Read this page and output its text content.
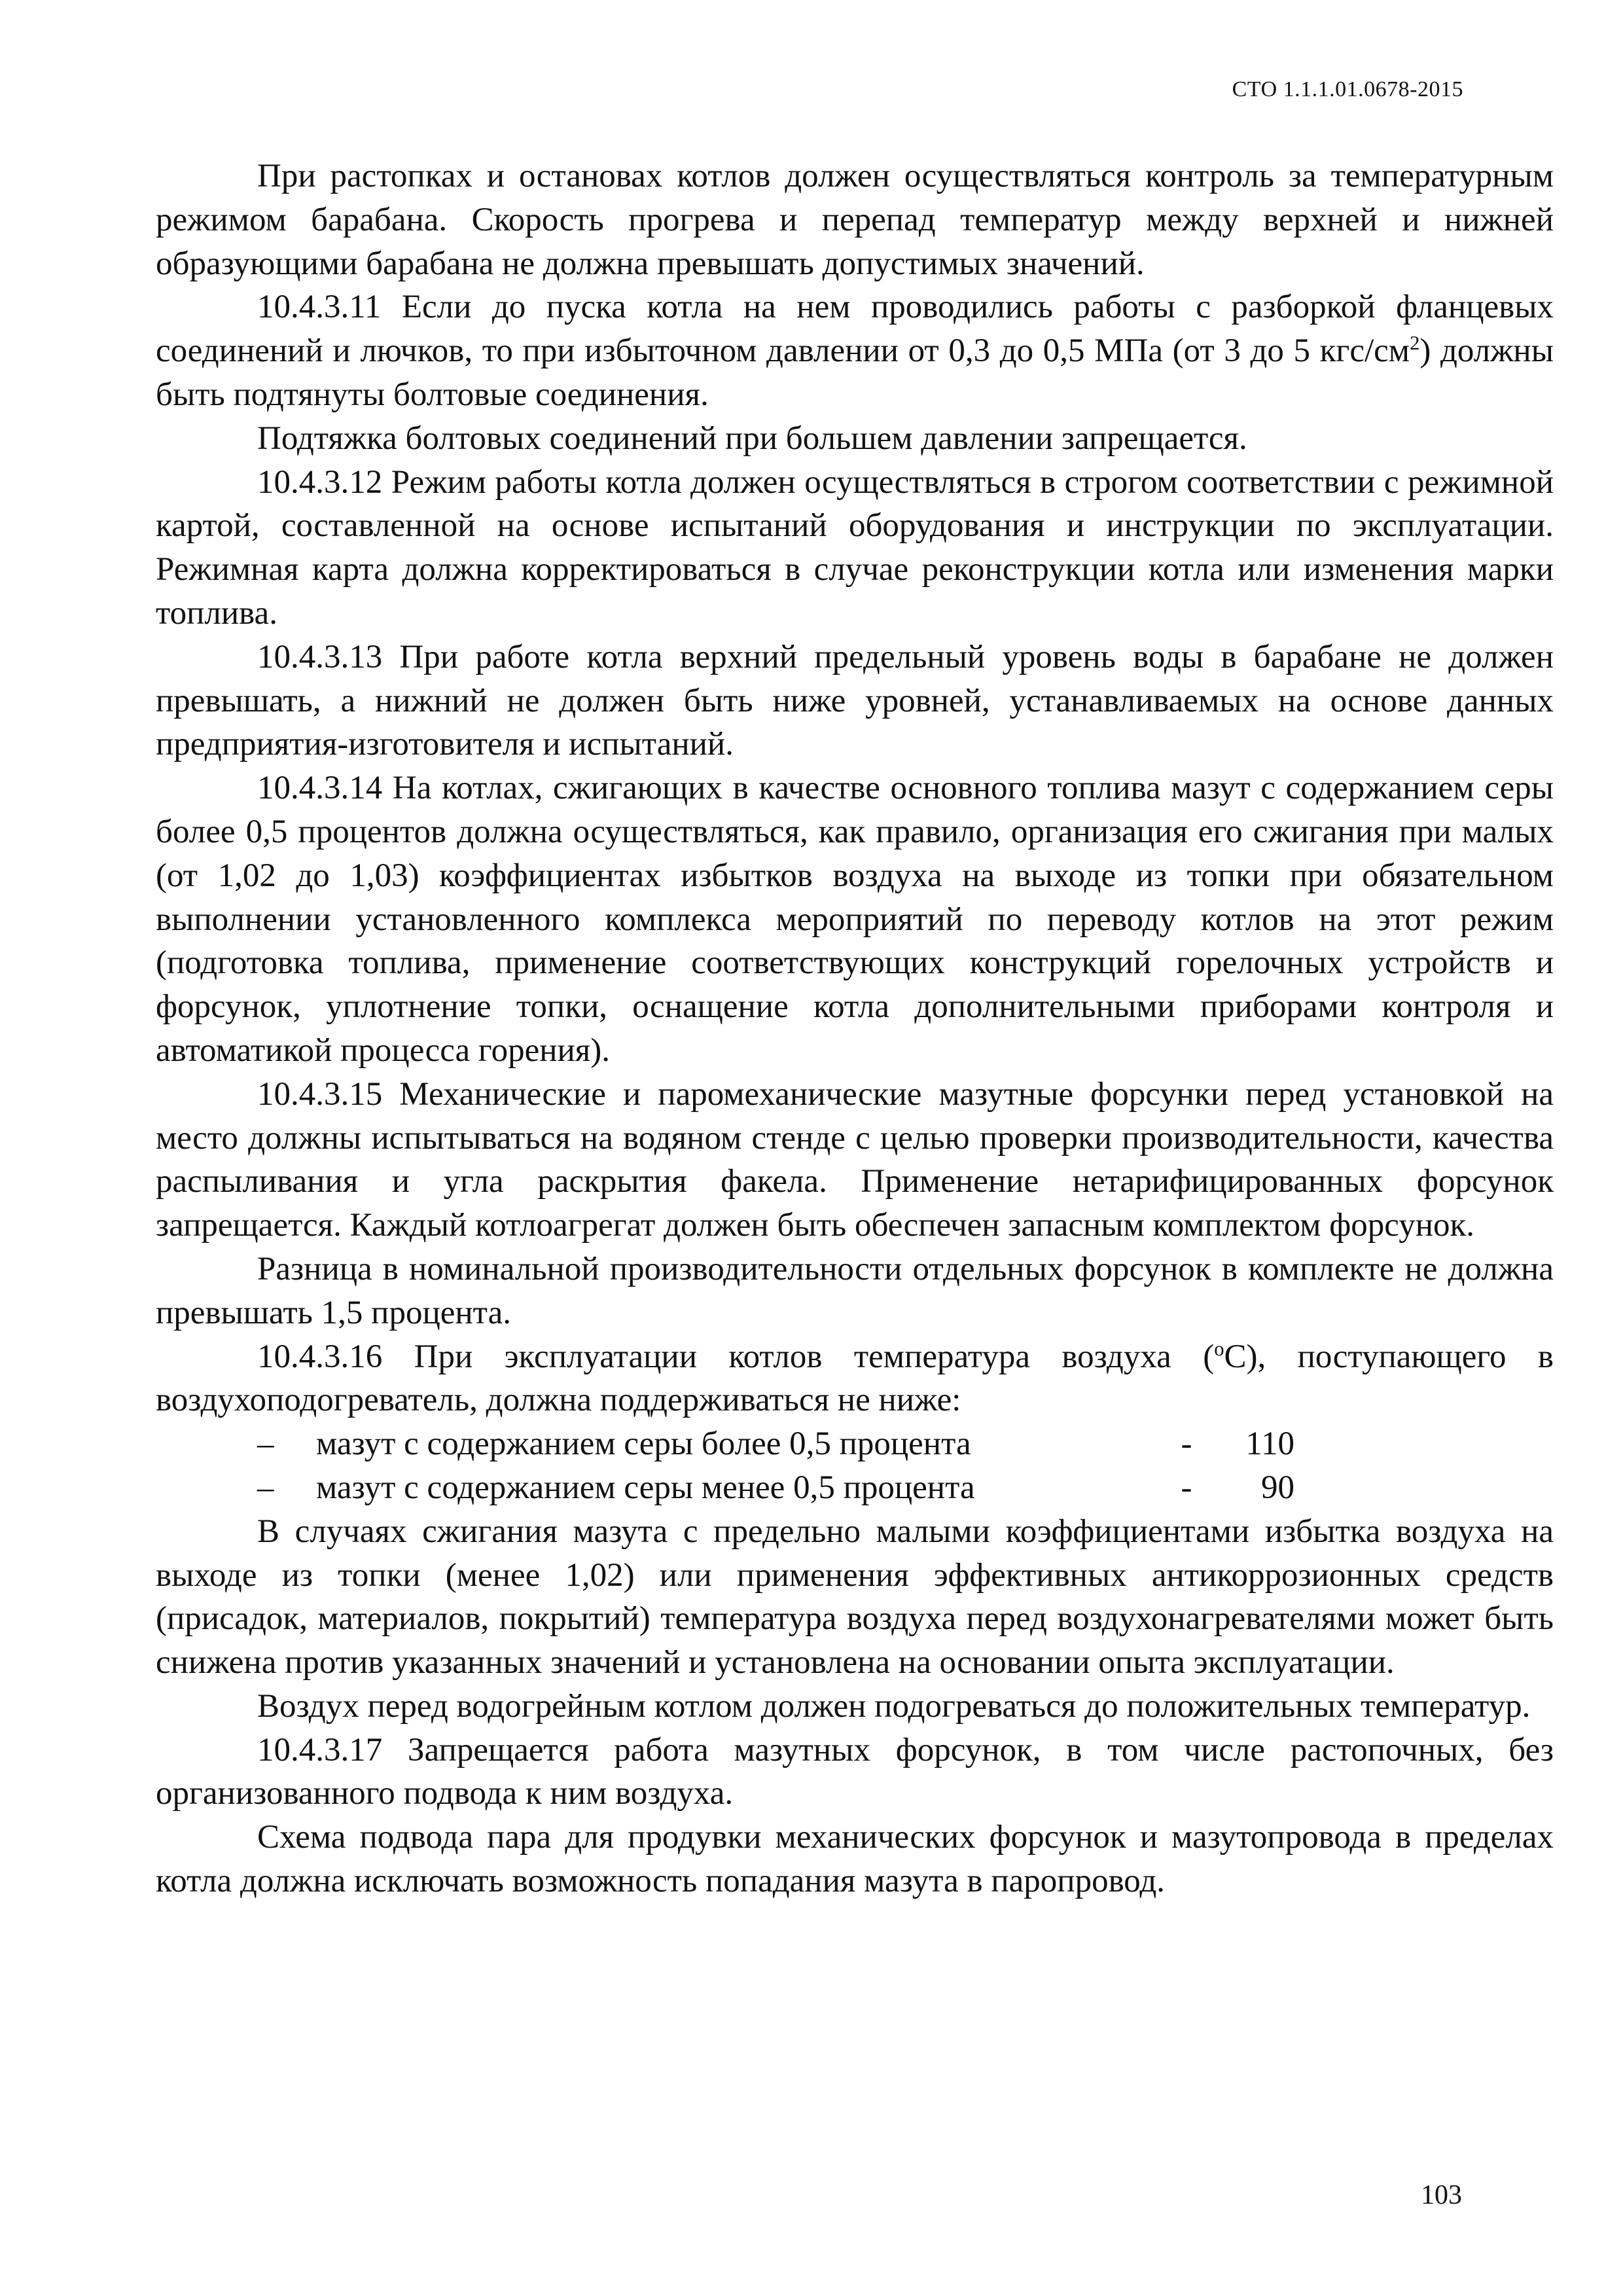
СТО 1.1.1.01.0678-2015

При растопках и остановах котлов должен осуществляться контроль за температурным режимом барабана. Скорость прогрева и перепад температур между верхней и нижней образующими барабана не должна превышать допустимых значений.

10.4.3.11 Если до пуска котла на нем проводились работы с разборкой фланцевых соединений и лючков, то при избыточном давлении от 0,3 до 0,5 МПа (от 3 до 5 кгс/$см^2$) должны быть подтянуты болтовые соединения.

Подтяжка болтовых соединений при большем давлении запрещается.

10.4.3.12 Режим работы котла должен осуществляться в строгом соответствии с режимной картой, составленной на основе испытаний оборудования и инструкции по эксплуатации. Режимная карта должна корректироваться в случае реконструкции котла или изменения марки топлива.

10.4.3.13 При работе котла верхний предельный уровень воды в барабане не должен превышать, а нижний не должен быть ниже уровней, устанавливаемых на основе данных предприятия-изготовителя и испытаний.

10.4.3.14 На котлах, сжигающих в качестве основного топлива мазут с содержанием серы более 0,5 процентов должна осуществляться, как правило, организация его сжигания при малых (от 1,02 до 1,03) коэффициентах избытков воздуха на выходе из топки при обязательном выполнении установленного комплекса мероприятий по переводу котлов на этот режим (подготовка топлива, применение соответствующих конструкций горелочных устройств и форсунок, уплотнение топки, оснащение котла дополнительными приборами контроля и автоматикой процесса горения).

10.4.3.15 Механические и паромеханические мазутные форсунки перед установкой на место должны испытываться на водяном стенде с целью проверки производительности, качества распыливания и угла раскрытия факела. Применение нетарифицированных форсунок запрещается. Каждый котлоагрегат должен быть обеспечен запасным комплектом форсунок.

Разница в номинальной производительности отдельных форсунок в комплекте не должна превышать 1,5 процента.

10.4.3.16 При эксплуатации котлов температура воздуха ($^о$С), поступающего в воздухоподогреватель, должна поддерживаться не ниже:

– мазут с содержанием серы более 0,5 процента	- 110
– мазут с содержанием серы менее 0,5 процента	- 90

В случаях сжигания мазута с предельно малыми коэффициентами избытка воздуха на выходе из топки (менее 1,02) или применения эффективных антикоррозионных средств (присадок, материалов, покрытий) температура воздуха перед воздухонагревателями может быть снижена против указанных значений и установлена на основании опыта эксплуатации.

Воздух перед водогрейным котлом должен подогреваться до положительных температур.

10.4.3.17 Запрещается работа мазутных форсунок, в том числе растопочных, без организованного подвода к ним воздуха.

Схема подвода пара для продувки механических форсунок и мазутопровода в пределах котла должна исключать возможность попадания мазута в паропровод.

103
